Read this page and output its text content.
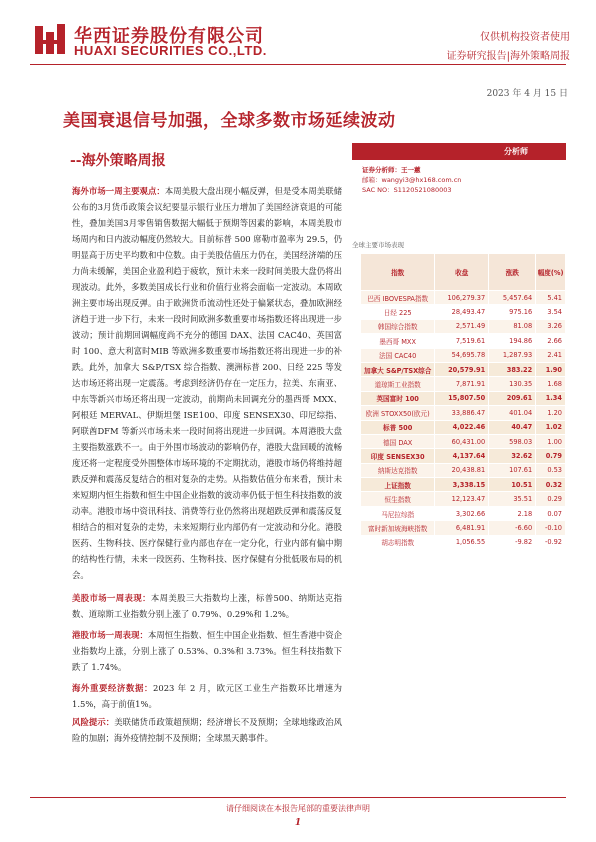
华西证券股份有限公司
HUAXI SECURITIES CO.,LTD.
仅供机构投资者使用
证券研究报告|海外策略周报
2023 年 4 月 15 日
美国衰退信号加强，全球多数市场延续波动
--海外策略周报
分析师
证券分析师：王一蕙
邮箱：wangyi3@hx168.com.cn
SAC NO：S1120521080003
全球主要市场表现
指数	收盘	涨跌	幅度(%)
巴西 IBOVESPA指数	106,279.37	5,457.64	5.41
日经 225	28,493.47	975.16	3.54
韩国综合指数	2,571.49	81.08	3.26
墨西哥 MXX	7,519.61	194.86	2.66
法国 CAC40	54,695.78	1,287.93	2.41
加拿大 S&P/TSX综合	20,579.91	383.22	1.90
道琼斯工业指数	7,871.91	130.35	1.68
英国富时 100	15,807.50	209.61	1.34
欧洲 STOXX50(欧元)	33,886.47	401.04	1.20
标普 500	4,022.46	40.47	1.02
德国 DAX	60,431.00	598.03	1.00
印度 SENSEX30	4,137.64	32.62	0.79
纳斯达克指数	20,438.81	107.61	0.53
上证指数	3,338.15	10.51	0.32
恒生指数	12,123.47	35.51	0.29
马尼拉综指	3,302.66	2.18	0.07
富时新加坡海峡指数	6,481.91	-6.60	-0.10
胡志明指数	1,056.55	-9.82	-0.92
海外市场一周主要观点：本周美股大盘出现小幅反弹，但是受本周美联储公布的3月货币政策会议纪要显示银行业压力增加了美国经济衰退的可能性，叠加美国3月零售销售数据大幅低于预期等因素的影响，本周美股市场周内和日内波动幅度仍然较大。目前标普 500 席勒市盈率为 29.5，仍明显高于历史平均数和中位数。由于美股估值压力仍在，美国经济端的压力尚未缓解，美国企业盈利趋于疲软，预计未来一段时间美股大盘仍将出现波动。此外，多数美国成长行业和价值行业将会面临一定波动。本周欧洲主要市场出现反弹。由于欧洲货币流动性还处于偏紧状态，叠加欧洲经济趋于进一步下行，未来一段时间欧洲多数重要市场指数还将出现进一步波动；预计前期回调幅度尚不充分的德国 DAX、法国 CAC40、英国富时 100、意大利富时MIB 等欧洲多数重要市场指数还将出现进一步的补跌。此外，加拿大 S&P/TSX 综合指数、澳洲标普 200、日经 225 等发达市场还将出现一定震荡。考虑到经济仍存在一定压力，拉美、东南亚、中东等新兴市场还将出现一定波动，前期尚未回调充分的墨西哥 MXX、阿根廷 MERVAL、伊斯坦堡 ISE100、印度 SENSEX30、印尼综指、阿联酋DFM 等新兴市场未来一段时间将出现进一步回调。本周港股大盘主要指数涨跌不一。由于外围市场波动的影响仍存，港股大盘回暖的流畅度还将一定程度受外围整体市场环境的不定期扰动，港股市场仍将维持超跌反弹和震荡反复结合的相对复杂的走势。从指数估值分布来看，预计未来短期内恒生指数和恒生中国企业指数的波动率仍低于恒生科技指数的波动率。港股市场中资讯科技、消费等行业仍然将出现超跌反弹和震荡反复相结合的相对复杂的走势，未来短期行业内部仍有一定波动和分化。港股医药、生物科技、医疗保健行业内部也存在一定分化，行业内部有偏中期的结构性行情，未来一段医药、生物科技、医疗保健有分批低吸布局的机会。
美股市场一周表现：本周美股三大指数均上涨，标普500、纳斯达克指数、道琼斯工业指数分别上涨了 0.79%、0.29%和 1.2%。
港股市场一周表现：本周恒生指数、恒生中国企业指数、恒生香港中资企业指数均上涨，分别上涨了 0.53%、0.3%和 3.73%。恒生科技指数下跌了 1.74%。
海外重要经济数据：2023 年 2 月，欧元区工业生产指数环比增速为 1.5%，高于前值1%。
风险提示：美联储货币政策超预期；经济增长不及预期；全球地缘政治风险的加剧；海外疫情控制不及预期；全球黑天鹅事件。
请仔细阅读在本报告尾部的重要法律声明
1
